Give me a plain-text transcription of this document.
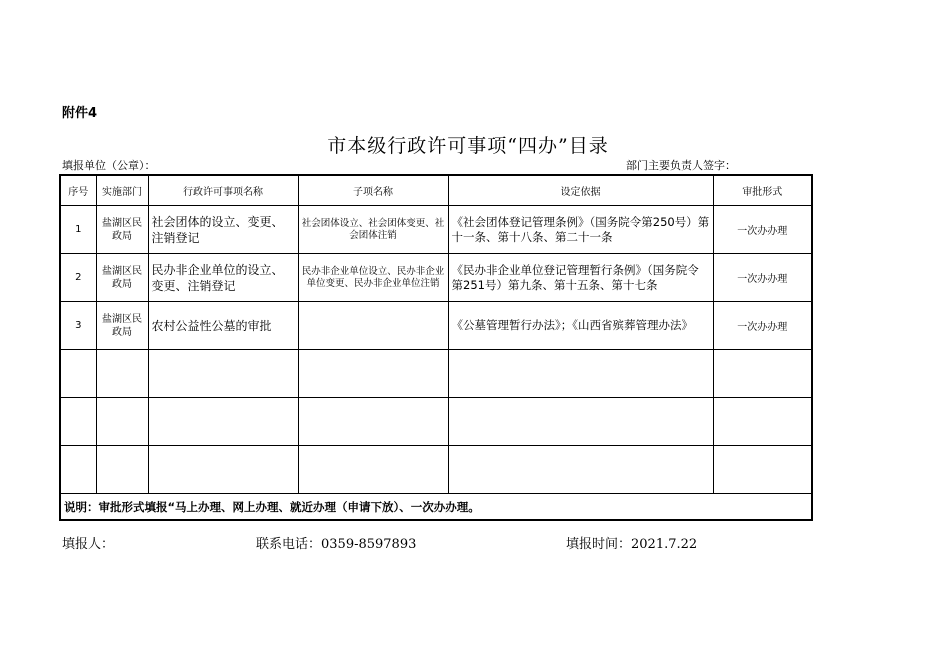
附件4
市本级行政许可事项“四办”目录
填报单位（公章）：	部门主要负责人签字：
序号	实施部门	行政许可事项名称	子项名称	设定依据	审批形式
1	盐湖区民政局	社会团体的设立、变更、注销登记	社会团体设立、社会团体变更、社会团体注销	《社会团体登记管理条例》（国务院令第250号）第十一条、第十八条、第二十一条	一次办办理
2	盐湖区民政局	民办非企业单位的设立、变更、注销登记	民办非企业单位设立、民办非企业单位变更、民办非企业单位注销	《民办非企业单位登记管理暂行条例》（国务院令第251号）第九条、第十五条、第十七条	一次办办理
3	盐湖区民政局	农村公益性公墓的审批		《公墓管理暂行办法》；《山西省殡葬管理办法》	一次办办理

说明：审批形式填报“马上办理、网上办理、就近办理（申请下放）、一次办办理。					
填报人：	联系电话：0359-8597893	填报时间：2021.7.22
